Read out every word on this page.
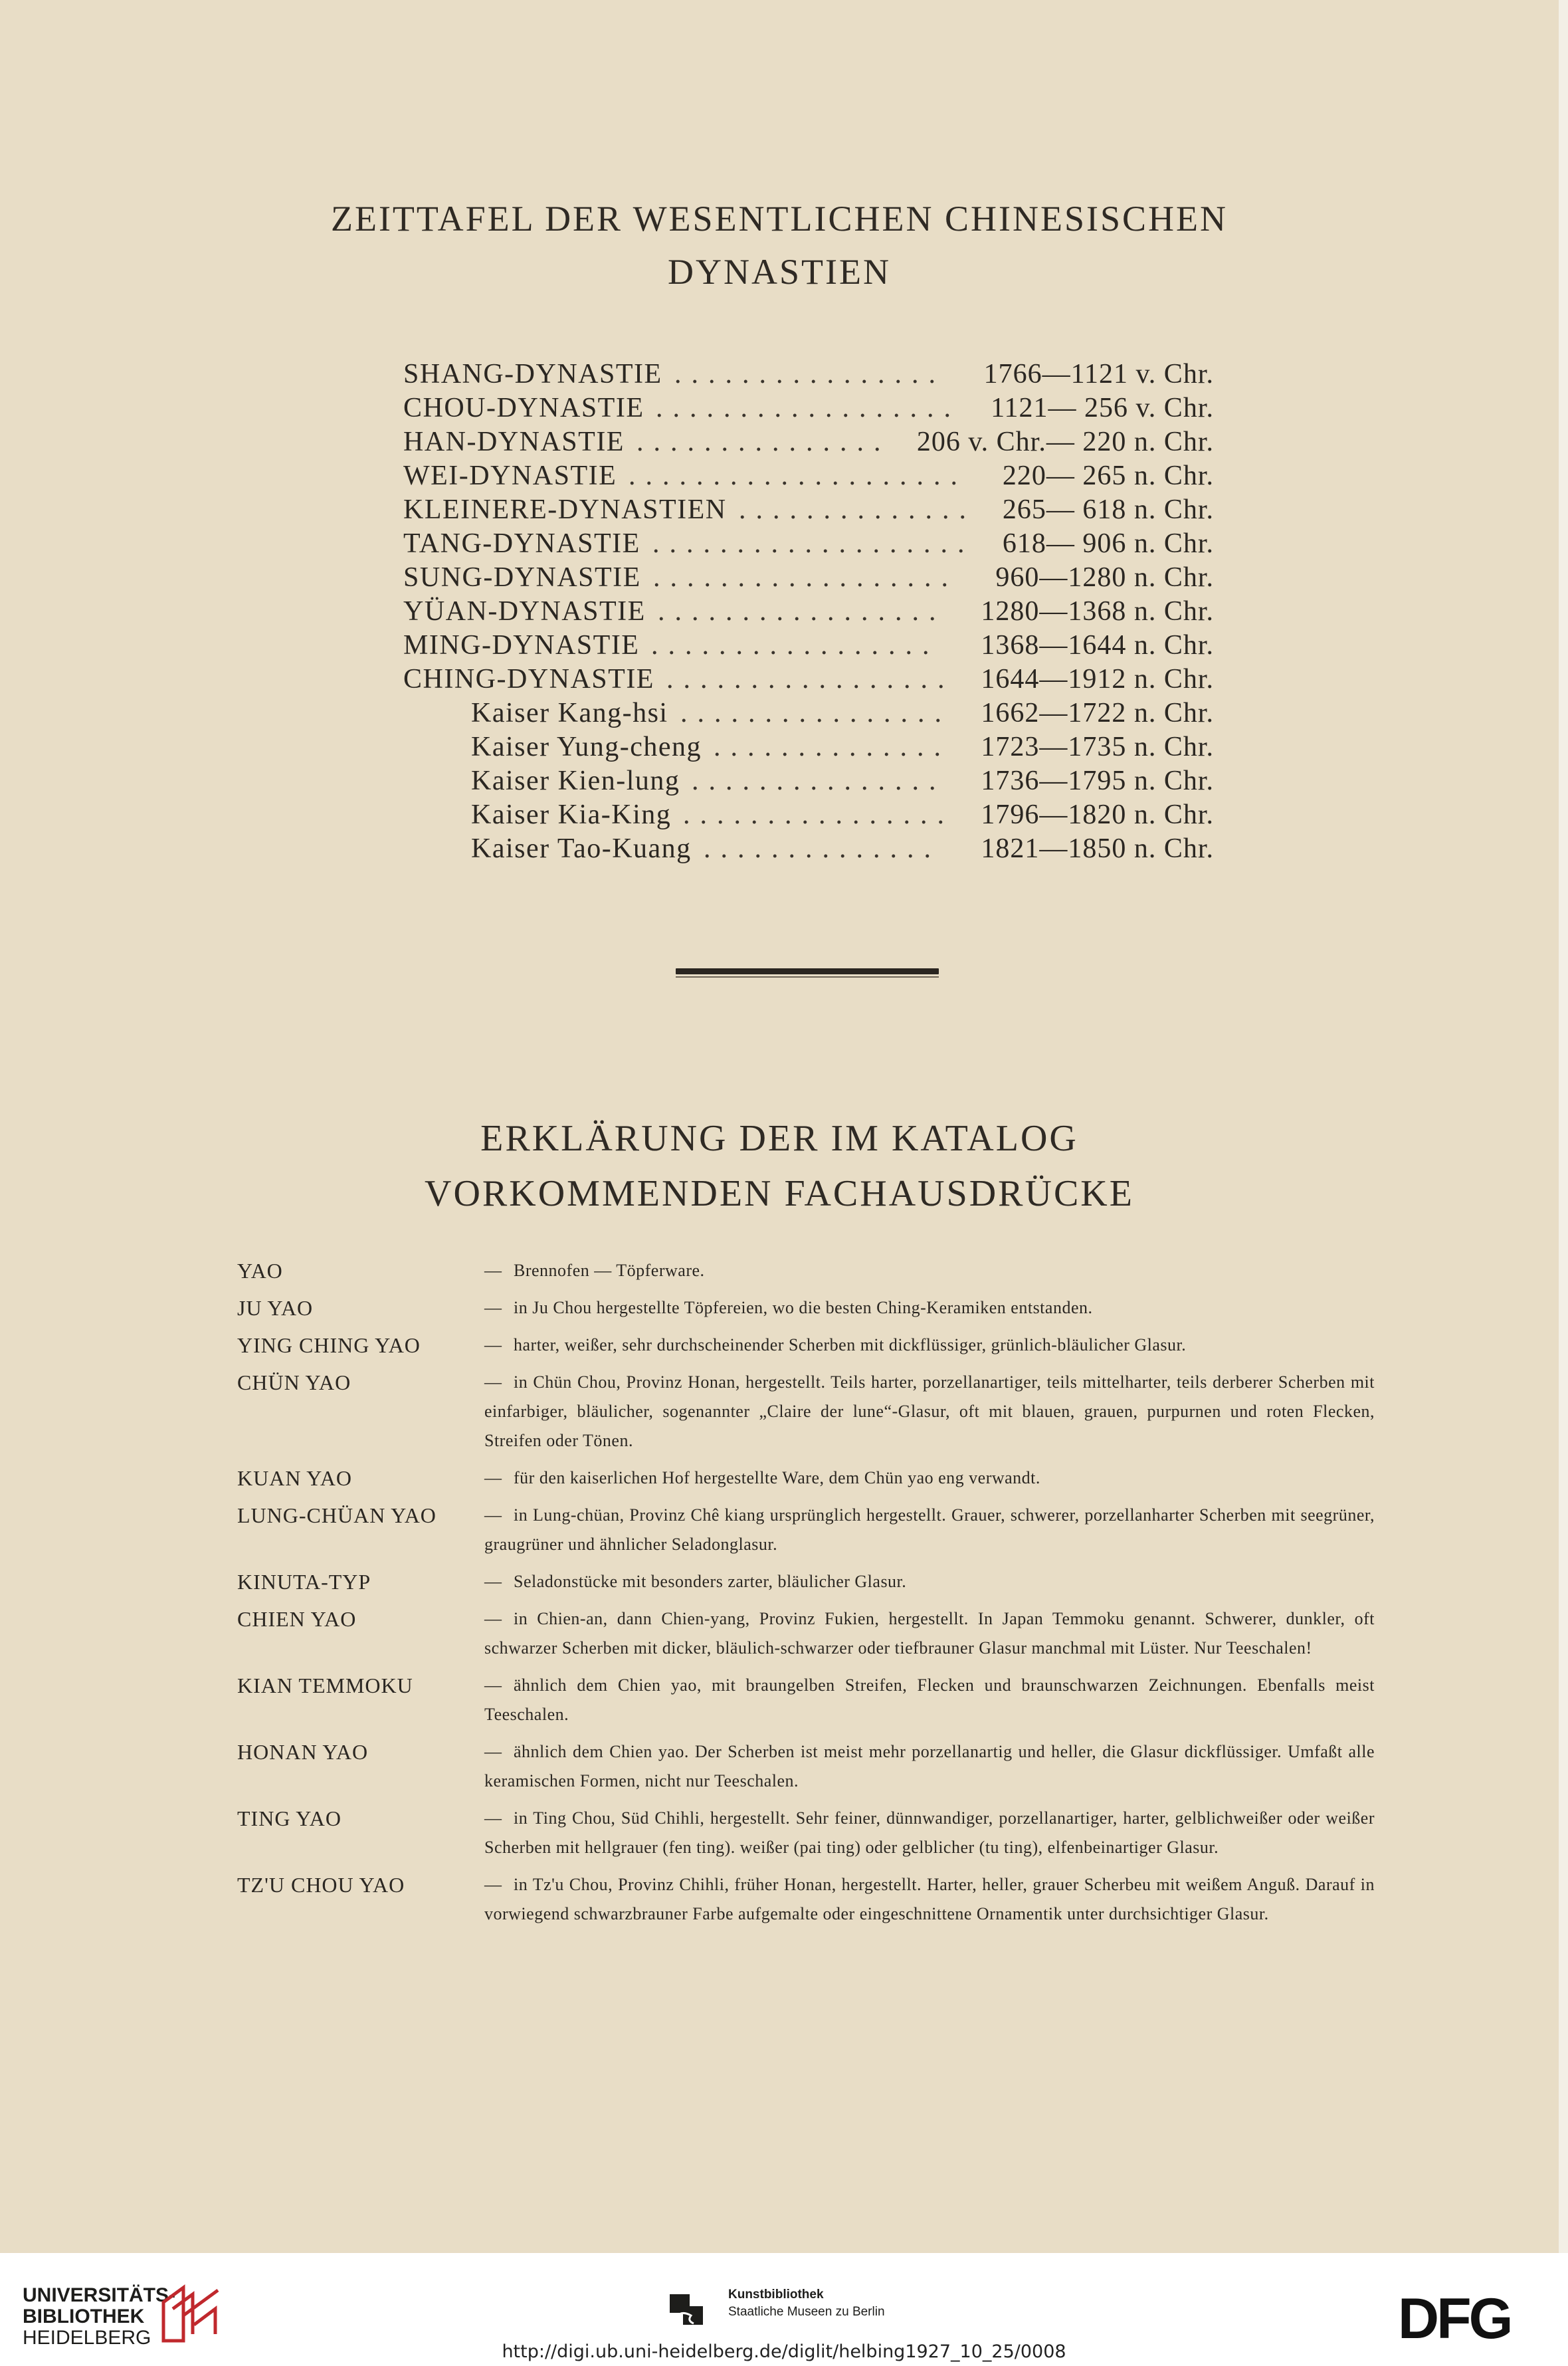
ZEITTAFEL DER WESENTLICHEN CHINESISCHEN
DYNASTIEN
SHANG-DYNASTIE ................ 1766—1121 v. Chr.
CHOU-DYNASTIE .................. 1121— 256 v. Chr.
HAN-DYNASTIE ............... 206 v. Chr.— 220 n. Chr.
WEI-DYNASTIE .................... 220— 265 n. Chr.
KLEINERE-DYNASTIEN .............. 265— 618 n. Chr.
TANG-DYNASTIE ................... 618— 906 n. Chr.
SUNG-DYNASTIE .................. 960—1280 n. Chr.
YÜAN-DYNASTIE ................. 1280—1368 n. Chr.
MING-DYNASTIE ................. 1368—1644 n. Chr.
CHING-DYNASTIE ................. 1644—1912 n. Chr.
Kaiser Kang-hsi ................ 1662—1722 n. Chr.
Kaiser Yung-cheng .............. 1723—1735 n. Chr.
Kaiser Kien-lung ............... 1736—1795 n. Chr.
Kaiser Kia-King ................ 1796—1820 n. Chr.
Kaiser Tao-Kuang .............. 1821—1850 n. Chr.
ERKLÄRUNG DER IM KATALOG
VORKOMMENDEN FACHAUSDRÜCKE
YAO	— Brennofen — Töpferware.
JU YAO	— in Ju Chou hergestellte Töpfereien, wo die besten Ching-Keramiken entstanden.
YING CHING YAO	— harter, weißer, sehr durchscheinender Scherben mit dickflüssiger, grünlich-bläulicher Glasur.
CHÜN YAO	— in Chün Chou, Provinz Honan, hergestellt. Teils harter, porzellanartiger, teils mittelharter, teils derberer Scherben mit einfarbiger, bläulicher, sogenannter „Claire der lune“-Glasur, oft mit blauen, grauen, purpurnen und roten Flecken, Streifen oder Tönen.
KUAN YAO	— für den kaiserlichen Hof hergestellte Ware, dem Chün yao eng verwandt.
LUNG-CHÜAN YAO	— in Lung-chüan, Provinz Chê kiang ursprünglich hergestellt. Grauer, schwerer, porzellanharter Scherben mit seegrüner, graugrüner und ähnlicher Seladonglasur.
KINUTA-TYP	— Seladonstücke mit besonders zarter, bläulicher Glasur.
CHIEN YAO	— in Chien-an, dann Chien-yang, Provinz Fukien, hergestellt. In Japan Temmoku genannt. Schwerer, dunkler, oft schwarzer Scherben mit dicker, bläulich-schwarzer oder tiefbrauner Glasur manchmal mit Lüster. Nur Teeschalen!
KIAN TEMMOKU	— ähnlich dem Chien yao, mit braungelben Streifen, Flecken und braunschwarzen Zeichnungen. Ebenfalls meist Teeschalen.
HONAN YAO	— ähnlich dem Chien yao. Der Scherben ist meist mehr porzellanartig und heller, die Glasur dickflüssiger. Umfaßt alle keramischen Formen, nicht nur Teeschalen.
TING YAO	— in Ting Chou, Süd Chihli, hergestellt. Sehr feiner, dünnwandiger, porzellanartiger, harter, gelblichweißer oder weißer Scherben mit hellgrauer (fen ting). weißer (pai ting) oder gelblicher (tu ting), elfenbeinartiger Glasur.
TZ'U CHOU YAO	— in Tz'u Chou, Provinz Chihli, früher Honan, hergestellt. Harter, heller, grauer Scherbeu mit weißem Anguß. Darauf in vorwiegend schwarzbrauner Farbe aufgemalte oder eingeschnittene Ornamentik unter durchsichtiger Glasur.
UNIVERSITÄTS-
BIBLIOTHEK
HEIDELBERG
Kunstbibliothek
Staatliche Museen zu Berlin	DFG
http://digi.ub.uni-heidelberg.de/diglit/helbing1927_10_25/0008
